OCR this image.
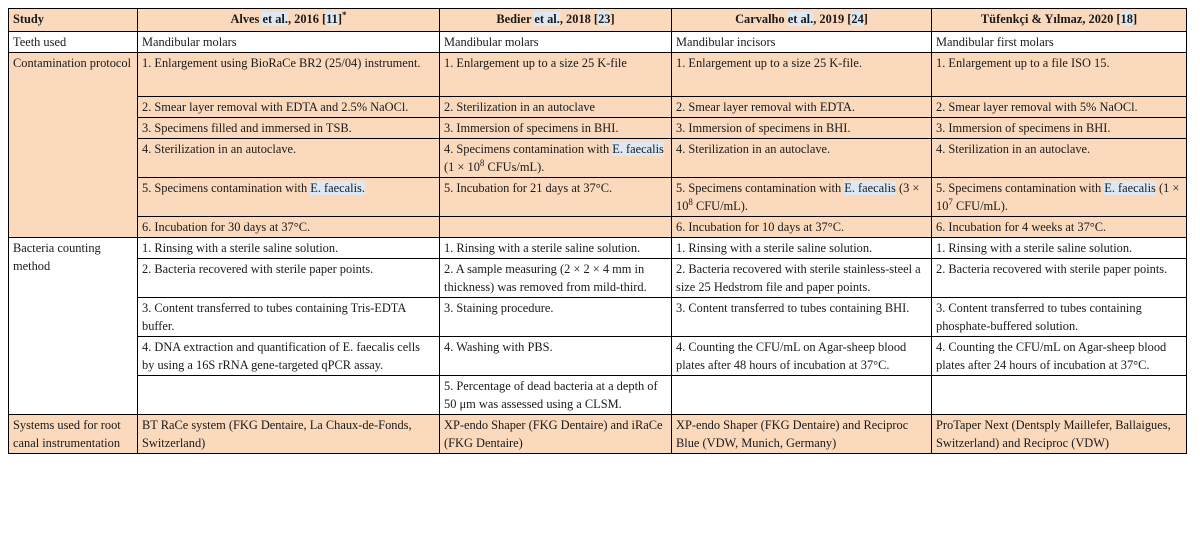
Study	Alves et al., 2016 [11]*	Bedier et al., 2018 [23]	Carvalho et al., 2019 [24]	Tüfenkçi & Yılmaz, 2020 [18]
Teeth used	Mandibular molars	Mandibular molars	Mandibular incisors	Mandibular first molars
Contamination protocol	1. Enlargement using BioRaCe BR2 (25/04) instrument.	1. Enlargement up to a size 25 K-file	1. Enlargement up to a size 25 K-file.	1. Enlargement up to a file ISO 15.
	2. Smear layer removal with EDTA and 2.5% NaOCl.	2. Sterilization in an autoclave	2. Smear layer removal with EDTA.	2. Smear layer removal with 5% NaOCl.
	3. Specimens filled and immersed in TSB.	3. Immersion of specimens in BHI.	3. Immersion of specimens in BHI.	3. Immersion of specimens in BHI.
	4. Sterilization in an autoclave.	4. Specimens contamination with E. faecalis ($1 \times 10^8$ CFUs/mL).	4. Sterilization in an autoclave.	4. Sterilization in an autoclave.
	5. Specimens contamination with E. faecalis.	5. Incubation for 21 days at 37°C.	5. Specimens contamination with E. faecalis ($3 \times 10^8$ CFU/mL).	5. Specimens contamination with E. faecalis ($1 \times 10^7$ CFU/mL).
	6. Incubation for 30 days at 37°C.		6. Incubation for 10 days at 37°C.	6. Incubation for 4 weeks at 37°C.
Bacteria counting method	1. Rinsing with a sterile saline solution.	1. Rinsing with a sterile saline solution.	1. Rinsing with a sterile saline solution.	1. Rinsing with a sterile saline solution.
	2. Bacteria recovered with sterile paper points.	2. A sample measuring (2 × 2 × 4 mm in thickness) was removed from mild-third.	2. Bacteria recovered with sterile stainless-steel a size 25 Hedstrom file and paper points.	2. Bacteria recovered with sterile paper points.
	3. Content transferred to tubes containing Tris-EDTA buffer.	3. Staining procedure.	3. Content transferred to tubes containing BHI.	3. Content transferred to tubes containing phosphate-buffered solution.
	4. DNA extraction and quantification of E. faecalis cells by using a 16S rRNA gene-targeted qPCR assay.	4. Washing with PBS.	4. Counting the CFU/mL on Agar-sheep blood plates after 48 hours of incubation at 37°C.	4. Counting the CFU/mL on Agar-sheep blood plates after 24 hours of incubation at 37°C.
		5. Percentage of dead bacteria at a depth of 50 μm was assessed using a CLSM.		
Systems used for root canal instrumentation	BT RaCe system (FKG Dentaire, La Chaux-de-Fonds, Switzerland)	XP-endo Shaper (FKG Dentaire) and iRaCe (FKG Dentaire)	XP-endo Shaper (FKG Dentaire) and Reciproc Blue (VDW, Munich, Germany)	ProTaper Next (Dentsply Maillefer, Ballaigues, Switzerland) and Reciproc (VDW)
